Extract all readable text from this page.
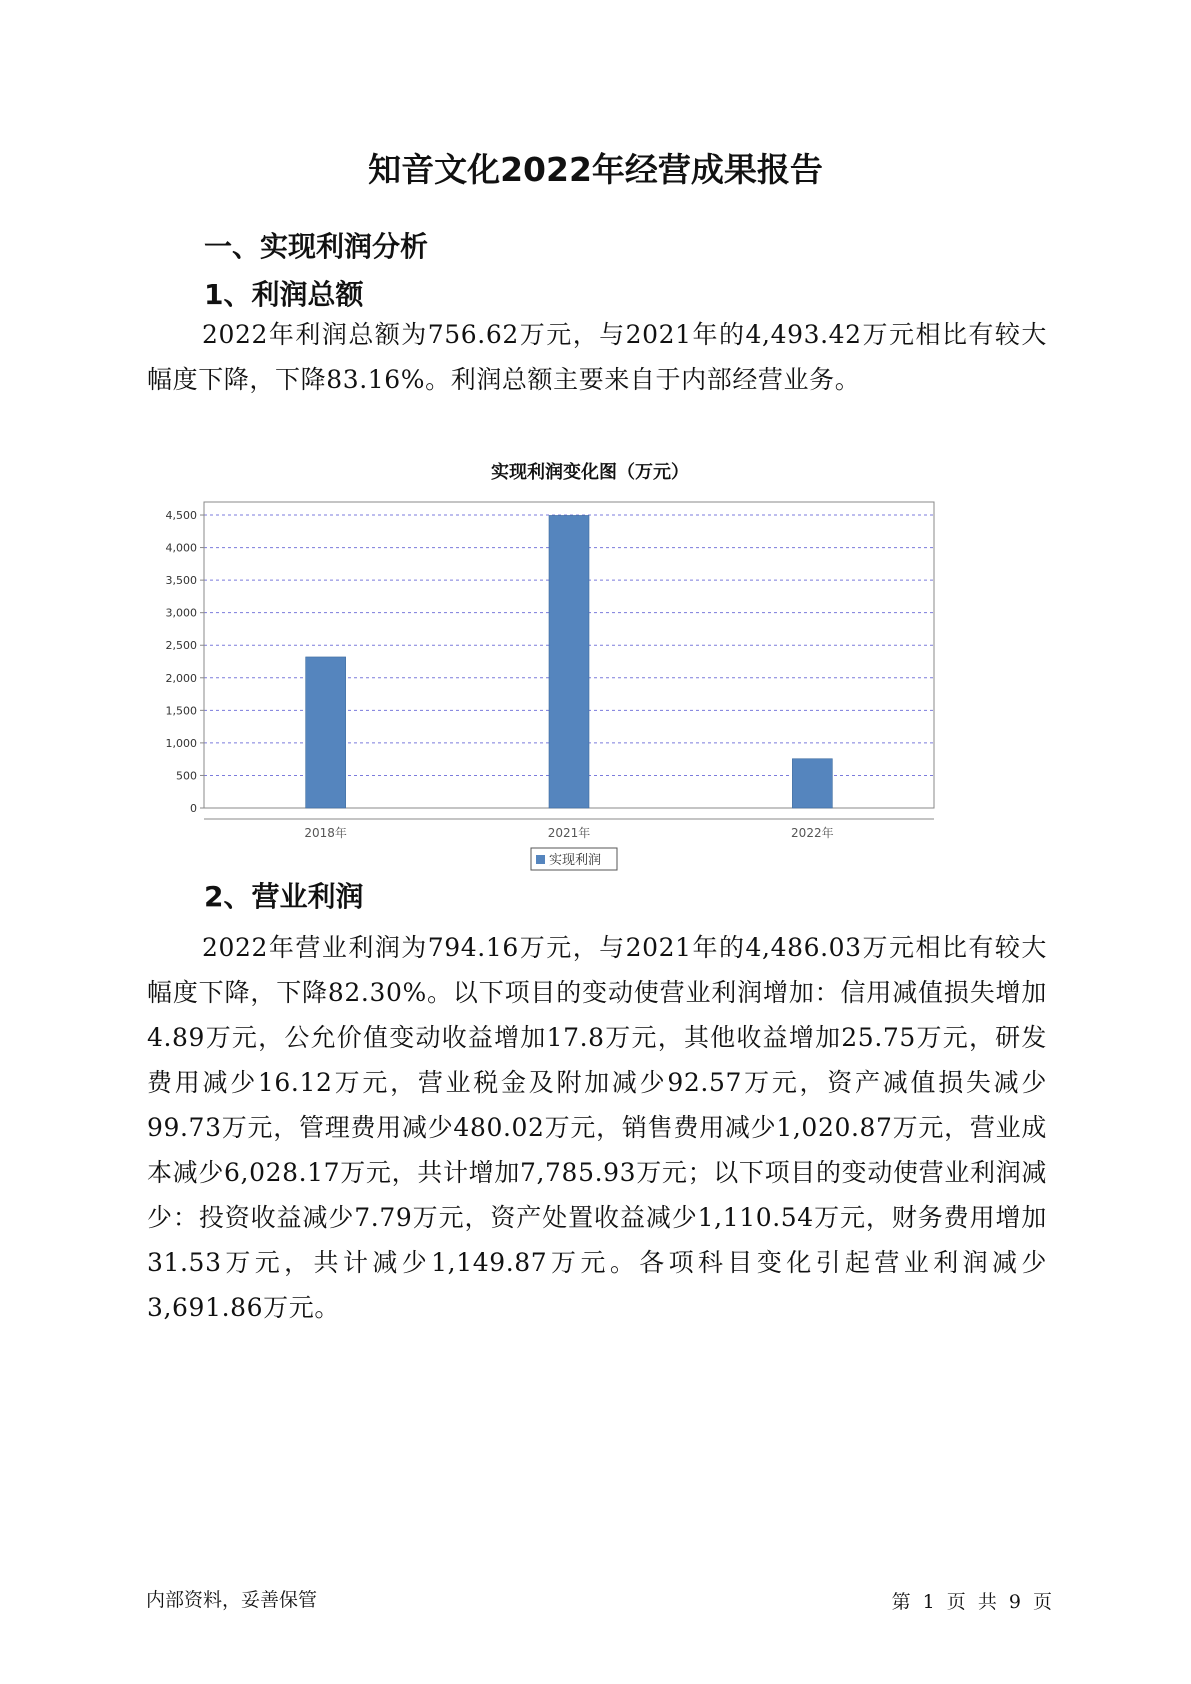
知音文化2022年经营成果报告
一、实现利润分析
1、利润总额
2022年利润总额为756.62万元，与2021年的4,493.42万元相比有较大幅度下降，下降83.16%。利润总额主要来自于内部经营业务。
实现利润变化图（万元）
0
500
1,000
1,500
2,000
2,500
3,000
3,500
4,000
4,500
2018年	2021年	2022年
实现利润
2、营业利润
2022年营业利润为794.16万元，与2021年的4,486.03万元相比有较大幅度下降，下降82.30%。以下项目的变动使营业利润增加：信用减值损失增加4.89万元，公允价值变动收益增加17.8万元，其他收益增加25.75万元，研发费用减少16.12万元，营业税金及附加减少92.57万元，资产减值损失减少99.73万元，管理费用减少480.02万元，销售费用减少1,020.87万元，营业成本减少6,028.17万元，共计增加7,785.93万元；以下项目的变动使营业利润减少：投资收益减少7.79万元，资产处置收益减少1,110.54万元，财务费用增加31.53万元，共计减少1,149.87万元。各项科目变化引起营业利润减少3,691.86万元。
内部资料，妥善保管	第 1 页 共 9 页
